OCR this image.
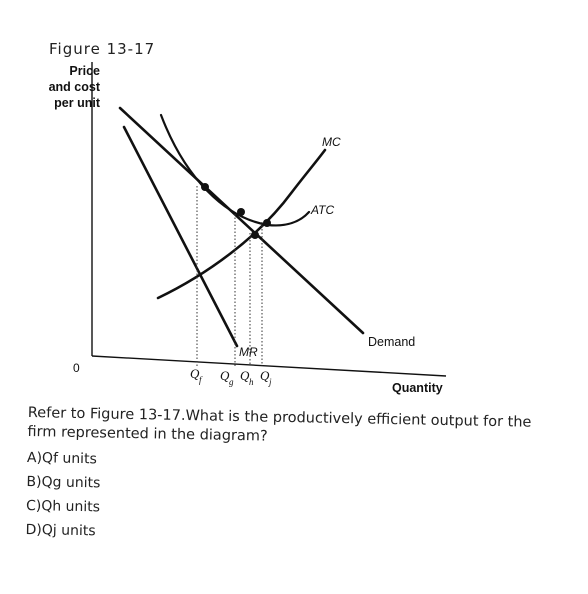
Figure 13-17
Price
and cost
per unit
0
Quantity
Demand
MR
ATC
MC
Q f Q g Q h Q j

Refer to Figure 13-17.What is the productively efficient output for the firm represented in the diagram?

A)Qf units
B)Qg units
C)Qh units
D)Qj units
